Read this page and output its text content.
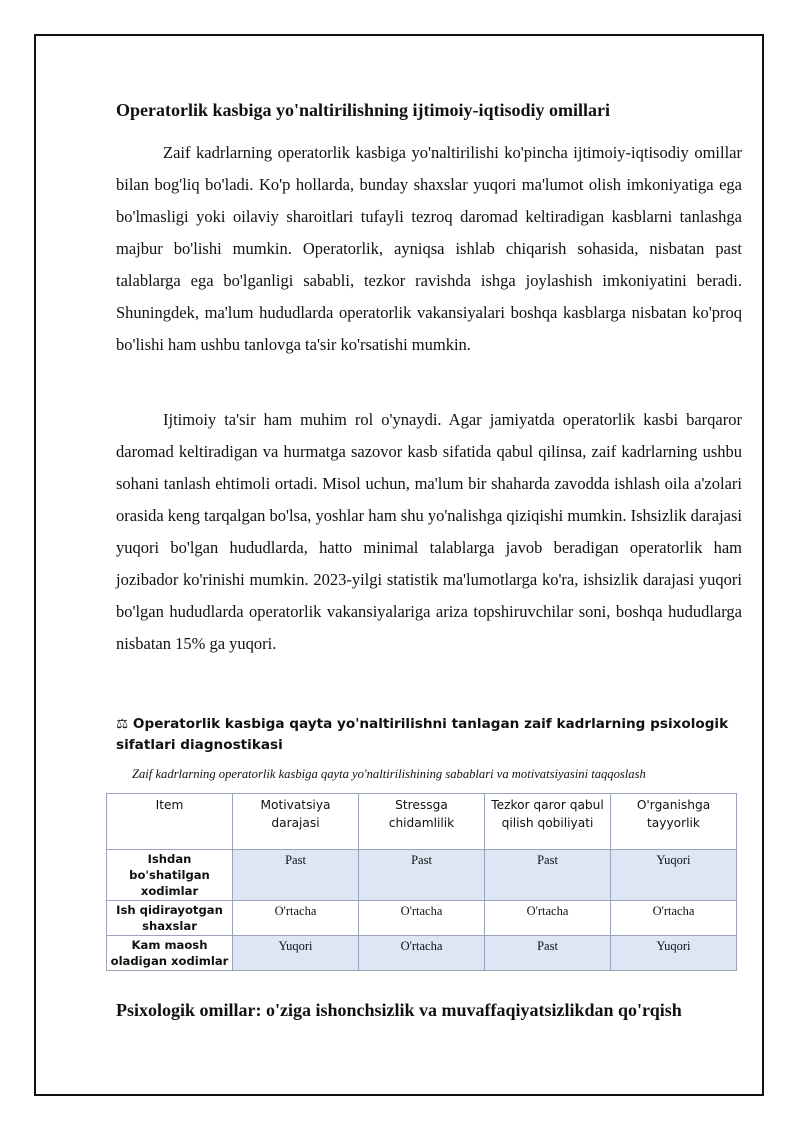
Operatorlik kasbiga yo'naltirilishning ijtimoiy-iqtisodiy omillari

Zaif kadrlarning operatorlik kasbiga yo'naltirilishi ko'pincha ijtimoiy-iqtisodiy omillar bilan bog'liq bo'ladi. Ko'p hollarda, bunday shaxslar yuqori ma'lumot olish imkoniyatiga ega bo'lmasligi yoki oilaviy sharoitlari tufayli tezroq daromad keltiradigan kasblarni tanlashga majbur bo'lishi mumkin. Operatorlik, ayniqsa ishlab chiqarish sohasida, nisbatan past talablarga ega bo'lganligi sababli, tezkor ravishda ishga joylashish imkoniyatini beradi. Shuningdek, ma'lum hududlarda operatorlik vakansiyalari boshqa kasblarga nisbatan ko'proq bo'lishi ham ushbu tanlovga ta'sir ko'rsatishi mumkin.

Ijtimoiy ta'sir ham muhim rol o'ynaydi. Agar jamiyatda operatorlik kasbi barqaror daromad keltiradigan va hurmatga sazovor kasb sifatida qabul qilinsa, zaif kadrlarning ushbu sohani tanlash ehtimoli ortadi. Misol uchun, ma'lum bir shaharda zavodda ishlash oila a'zolari orasida keng tarqalgan bo'lsa, yoshlar ham shu yo'nalishga qiziqishi mumkin. Ishsizlik darajasi yuqori bo'lgan hududlarda, hatto minimal talablarga javob beradigan operatorlik ham jozibador ko'rinishi mumkin. 2023-yilgi statistik ma'lumotlarga ko'ra, ishsizlik darajasi yuqori bo'lgan hududlarda operatorlik vakansiyalariga ariza topshiruvchilar soni, boshqa hududlarga nisbatan 15% ga yuqori.

⚖ Operatorlik kasbiga qayta yo'naltirilishni tanlagan zaif kadrlarning psixologik sifatlari diagnostikasi
Zaif kadrlarning operatorlik kasbiga qayta yo'naltirilishining sabablari va motivatsiyasini taqqoslash
Item	Motivatsiya darajasi	Stressga chidamlilik	Tezkor qaror qabul qilish qobiliyati	O'rganishga tayyorlik
Ishdan bo'shatilgan xodimlar	Past	Past	Past	Yuqori
Ish qidirayotgan shaxslar	O'rtacha	O'rtacha	O'rtacha	O'rtacha
Kam maosh oladigan xodimlar	Yuqori	O'rtacha	Past	Yuqori
Psixologik omillar: o'ziga ishonchsizlik va muvaffaqiyatsizlikdan qo'rqish
